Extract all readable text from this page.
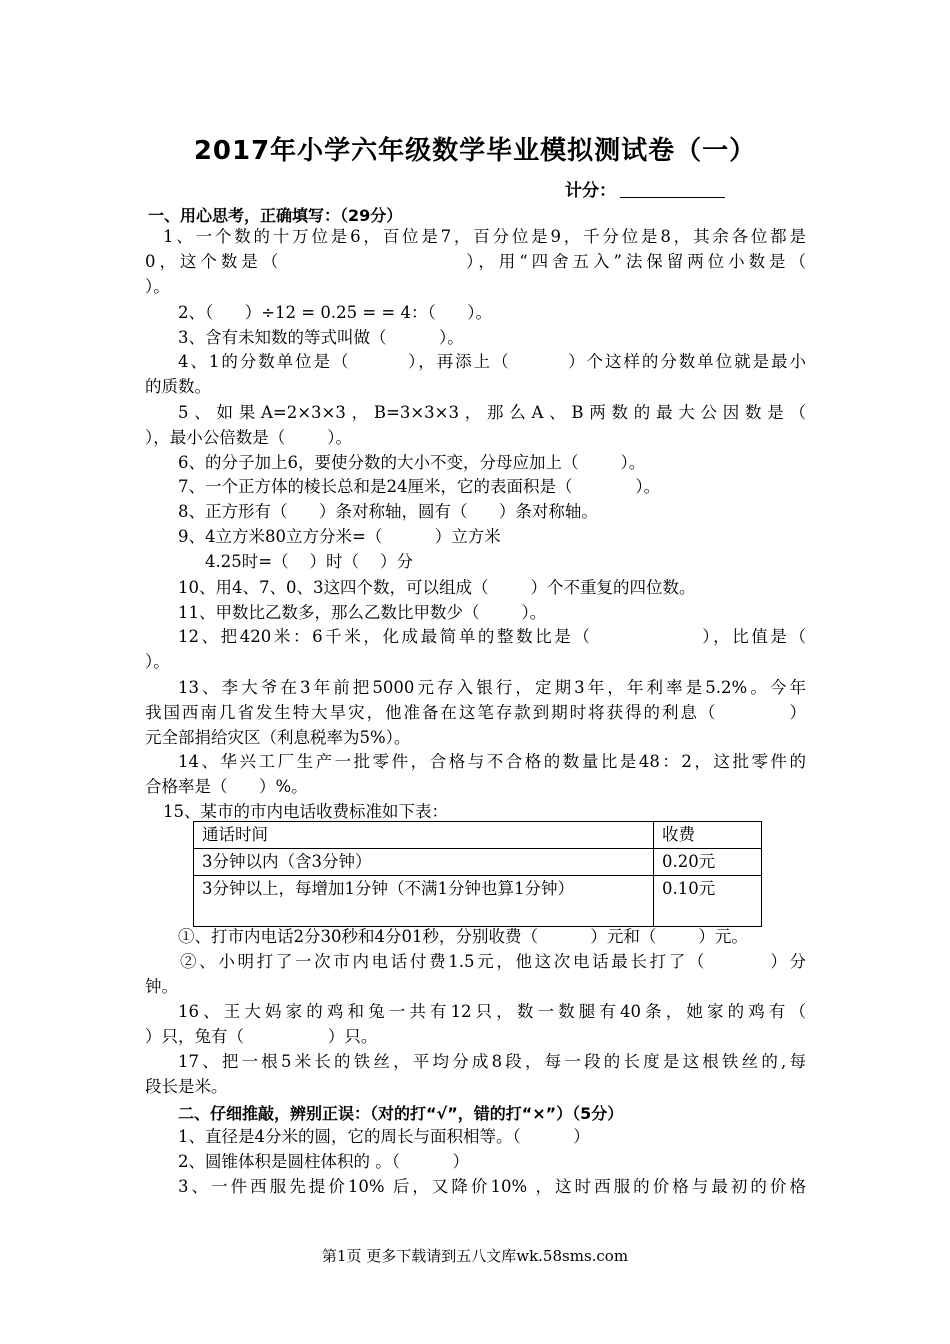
2017年小学六年级数学毕业模拟测试卷（一）
计分：
一、用心思考，正确填写：（29分）
1、一个数的十万位是6，百位是7，百分位是9，千分位是8，其余各位都是
0，这个数是（                    ），用“四舍五入”法保留两位小数是（
）。
2、（      ）÷12 = 0.25 = = 4：（      ）。
3、含有未知数的等式叫做（          ）。
4、1的分数单位是（        ），再添上（        ）个这样的分数单位就是最小
的质数。
5、如果A=2×3×3，B=3×3×3，那么A、B两数的最大公因数是（
），最小公倍数是（        ）。
6、的分子加上6，要使分数的大小不变，分母应加上（        ）。
7、一个正方体的棱长总和是24厘米，它的表面积是（            ）。
8、正方形有（      ）条对称轴，圆有（      ）条对称轴。
9、4立方米80立方分米=（          ）立方米
4.25时=（    ）时（    ）分
10、用4、7、0、3这四个数，可以组成（        ）个不重复的四位数。
11、甲数比乙数多，那么乙数比甲数少（        ）。
12、把420米：6千米，化成最简单的整数比是（              ），比值是（
）。
13、李大爷在3年前把5000元存入银行，定期3年，年利率是5.2%。今年
我国西南几省发生特大旱灾，他准备在这笔存款到期时将获得的利息（          ）
元全部捐给灾区（利息税率为5%）。
14、华兴工厂生产一批零件，合格与不合格的数量比是48：2，这批零件的
合格率是（      ）%。
15、某市的市内电话收费标准如下表：
通话时间	收费
3分钟以内（含3分钟）	0.20元
3分钟以上，每增加1分钟（不满1分钟也算1分钟）	0.10元
①、打市内电话2分30秒和4分01秒，分别收费（          ）元和（        ）元。
②、小明打了一次市内电话付费1.5元，他这次电话最长打了（        ）分
钟。
16、王大妈家的鸡和兔一共有12只，数一数腿有40条，她家的鸡有（
）只，兔有（                ）只。
17、把一根5米长的铁丝，平均分成8段，每一段的长度是这根铁丝的,每
段长是米。
二、仔细推敲，辨别正误：（对的打“√”，错的打“×”）（5分）
1、直径是4分米的圆，它的周长与面积相等。（          ）
2、圆锥体积是圆柱体积的 。（          ）
3、一件西服先提价10% 后，又降价10% ，这时西服的价格与最初的价格
第1页 更多下载请到五八文库wk.58sms.com
